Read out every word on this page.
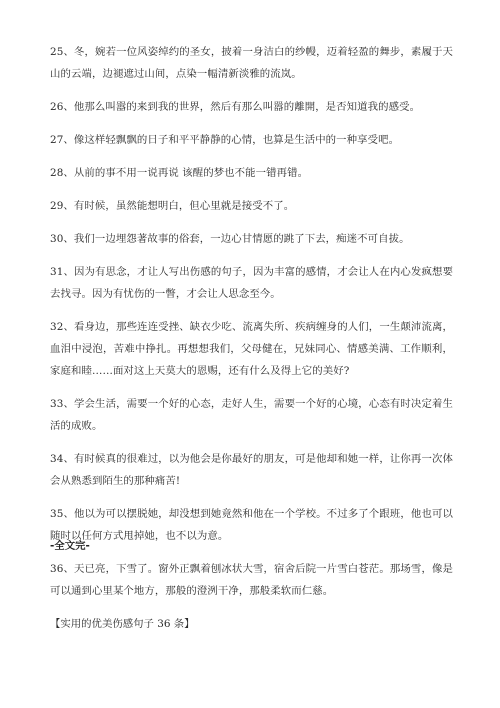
25、冬，婉若一位风姿绰约的圣女，披着一身洁白的纱幔，迈着轻盈的舞步，素履于天山的云端，边褪遮过山间，点染一幅清新淡雅的流岚。

26、他那么叫嚣的来到我的世界，然后有那么叫嚣的離開，是否知道我的感受。

27、像这样轻飘飘的日子和平平静静的心情，也算是生活中的一种享受吧。

28、从前的事不用一说再说 该醒的梦也不能一错再错。

29、有时候，虽然能想明白，但心里就是接受不了。

30、我们一边埋怨著故事的俗套，一边心甘情愿的跳了下去，痴迷不可自拔。

31、因为有思念，才让人写出伤感的句子，因为丰富的感情，才会让人在内心发疯想要去找寻。因为有忧伤的一瞥，才会让人思念至今。

32、看身边，那些连连受挫、缺衣少吃、流离失所、疾病缠身的人们，一生颠沛流离，血泪中浸泡，苦难中挣扎。再想想我们，父母健在，兄妹同心、情感美满、工作顺利，家庭和睦……面对这上天莫大的恩赐，还有什么及得上它的美好?

33、学会生活，需要一个好的心态，走好人生，需要一个好的心境，心态有时决定着生活的成败。

34、有时候真的很难过，以为他会是你最好的朋友，可是他却和她一样，让你再一次体会从熟悉到陌生的那种痛苦!

35、他以为可以摆脱她，却没想到她竟然和他在一个学校。不过多了个跟班，他也可以随时以任何方式甩掉她，也不以为意。

36、天已亮，下雪了。窗外正飘着刨冰状大雪，宿舍后院一片雪白苍茫。那场雪，像是可以通到心里某个地方，那般的澄洌干净，那般柔软而仁慈。

【实用的优美伤感句子 36 条】

-全文完-
